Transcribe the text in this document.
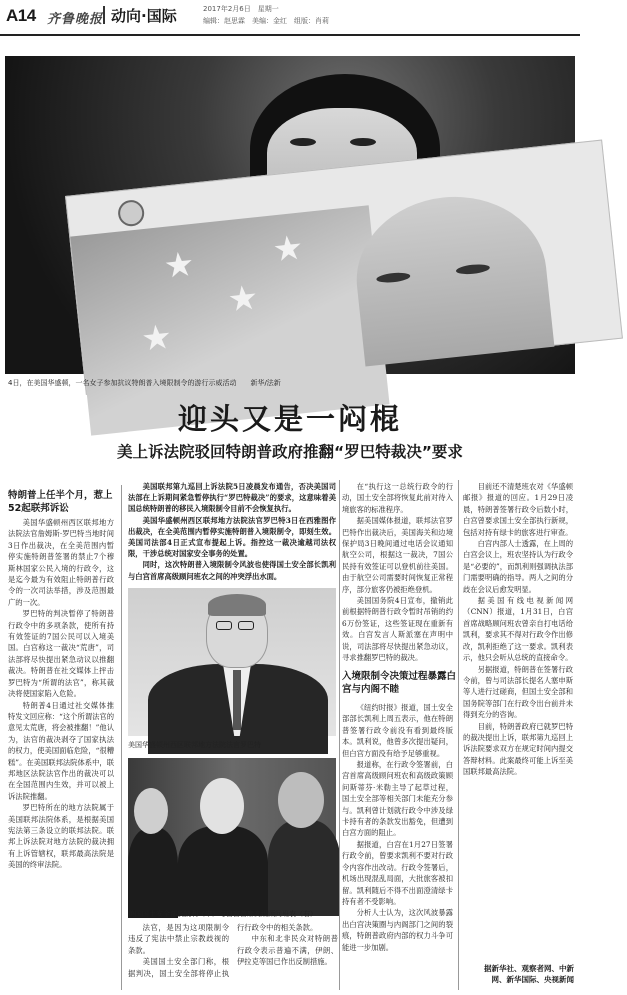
A14 齐鲁晚报 动向·国际	2017年2月6日　星期一
编辑：赵思霖　美编：金红　组版：肖莉
★
★
★
★
4日，在美国华盛顿，一名女子参加抗议特朗普入境限制令的游行示威活动　　新华/法新
迎头又是一闷棍
美上诉法院驳回特朗普政府推翻“罗巴特裁决”要求
特朗普上任半个月，惹上52起联邦诉讼

美国华盛顿州西区联邦地方法院法官詹姆斯·罗巴特当地时间3日作出裁决，在全美范围内暂停实施特朗普签署的禁止7个穆斯林国家公民入境的行政令，这是迄今最为有效阻止特朗普行政令的一次司法举措，涉及范围最广的一次。

罗巴特的判决暂停了特朗普行政令中的多项条款，使所有持有效签证的7国公民可以入境美国。白宫称这一裁决“荒唐”，司法部将尽快提出紧急动议以推翻裁决。特朗普在社交媒体上抨击罗巴特为“所谓的法官”，称其裁决将使国家陷入危险。

特朗普4日通过社交媒体推特发文回应称：“这个所谓法官的意见太荒唐，将会被推翻！”他认为，法官的裁决剥夺了国家执法的权力，使美国面临危险，“很糟糕”。在美国联邦法院体系中，联邦地区法院法官作出的裁决可以在全国范围内生效，并可以被上诉法院推翻。

罗巴特所在的地方法院属于美国联邦法院体系，是根据美国宪法第三条设立的联邦法院。联邦上诉法院对地方法院的裁决拥有上诉管辖权，联邦最高法院是美国的终审法院。

美国联邦第九巡回上诉法院5日凌晨发布通告，否决美国司法部在上诉期间紧急暂停执行“罗巴特裁决”的要求，这意味着美国总统特朗普的移民入境限制令目前不会恢复执行。

美国华盛顿州西区联邦地方法院法官罗巴特3日在西雅图作出裁决，在全美范围内暂停实施特朗普入境限制令，即刻生效。美国司法部4日正式宣布提起上诉。指控这一裁决逾越司法权限，干涉总统对国家安全事务的处置。

同时，这次特朗普入境限制令风波也使得国土安全部长凯利与白宫首席高级顾问班农之间的冲突浮出水面。

美国华盛顿州西区联邦地方法院法官罗巴特
美国国土安全部长凯利（中）与白宫首席高级顾问班农（右）

法官，是因为这项限制令违反了宪法中禁止宗教歧视的条款。

美国国土安全部门称，根据判决，国土安全部将停止执行行政令中的相关条款。

中东和北非民众对特朗普行政令表示普遍不满，伊朗、伊拉克等国已作出反制措施。

在“执行这一总统行政令的行动，国土安全部将恢复此前对待入境旅客的标准程序。

据美国媒体报道，联邦法官罗巴特作出裁决后，美国海关和边境保护局3日晚间通过电话会议通知航空公司，根据这一裁决，7国公民持有效签证可以登机前往美国。由于航空公司需要时间恢复正常程序，部分旅客仍被拒绝登机。

美国国务院4日宣布，撤销此前根据特朗普行政令暂时吊销的约6万份签证，这些签证现在重新有效。白宫发言人斯派塞在声明中说，司法部将尽快提出紧急动议，寻求推翻罗巴特的裁决。

入境限制令决策过程暴露白宫与内阁不睦

《纽约时报》报道，国土安全部部长凯利上周五表示，他在特朗普签署行政令前没有看到最终版本。凯利说，他曾多次提出疑问，但白宫方面没有给予足够重视。

报道称，在行政令签署前，白宫首席高级顾问班农和高级政策顾问斯蒂芬·米勒主导了起草过程，国土安全部等相关部门未能充分参与。凯利曾计划就行政令中涉及绿卡持有者的条款发出豁免，但遭到白宫方面的阻止。

据报道，白宫在1月27日签署行政令前，曾要求凯利不要对行政令内容作出改动。行政令签署后，机场出现混乱局面，大批旅客被扣留。凯利随后不得不出面澄清绿卡持有者不受影响。

分析人士认为，这次风波暴露出白宫决策圈与内阁部门之间的裂痕，特朗普政府内部的权力斗争可能进一步加剧。

目前还不清楚班农对《华盛顿邮报》报道的回应。1月29日凌晨，特朗普签署行政令后数小时，白宫曾要求国土安全部执行新规，包括对持有绿卡的旅客进行审查。

白宫内部人士透露，在上周的白宫会议上，班农坚持认为行政令是“必要的”，而凯利则强调执法部门需要明确的指导。两人之间的分歧在会议后愈发明显。

据美国有线电视新闻网（CNN）报道，1月31日，白宫首席战略顾问班农曾亲自打电话给凯利，要求其不得对行政令作出修改，凯利拒绝了这一要求。凯利表示，他只会听从总统的直接命令。

另据报道，特朗普在签署行政令前，曾与司法部长提名人塞申斯等人进行过磋商，但国土安全部和国务院等部门在行政令出台前并未得到充分的咨询。

目前，特朗普政府已就罗巴特的裁决提出上诉，联邦第九巡回上诉法院要求双方在规定时间内提交答辩材料。此案最终可能上诉至美国联邦最高法院。

据新华社、观察者网、中新网、新华国际、央视新闻
